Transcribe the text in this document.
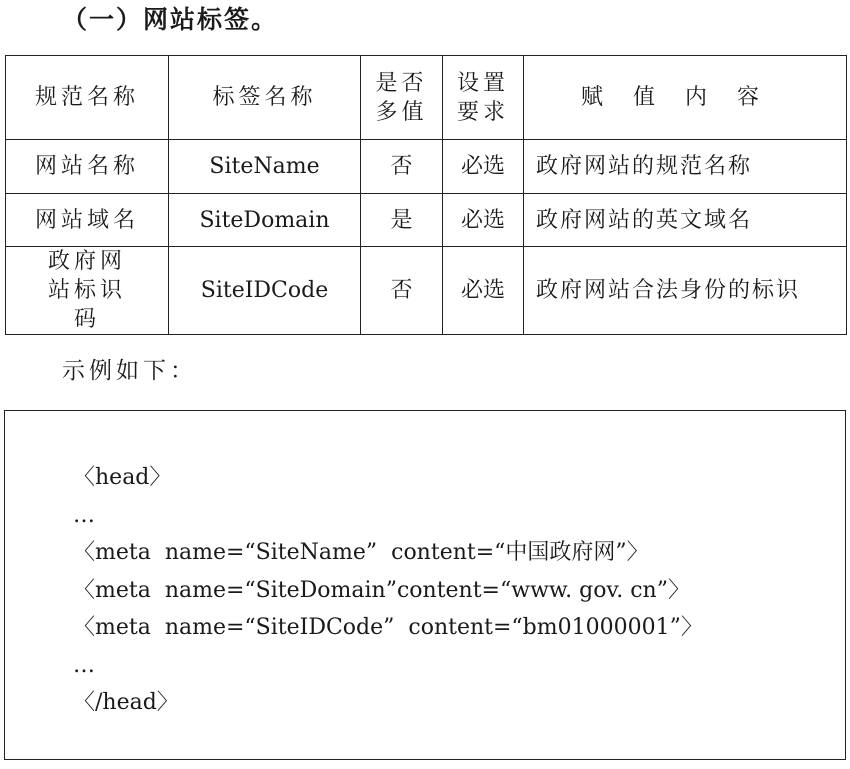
（一）网站标签。
规范名称	标签名称	是否多值	设置要求	赋值内容
网站名称	SiteName	否	必选	政府网站的规范名称
网站域名	SiteDomain	是	必选	政府网站的英文域名
政府网站标识码	SiteIDCode	否	必选	政府网站合法身份的标识
示例如下：
〈head〉
…
〈meta  name=“SiteName”  content=“中国政府网”〉
〈meta  name=“SiteDomain”content=“www. gov. cn”〉
〈meta  name=“SiteIDCode”  content=“bm01000001”〉
…
〈/head〉
